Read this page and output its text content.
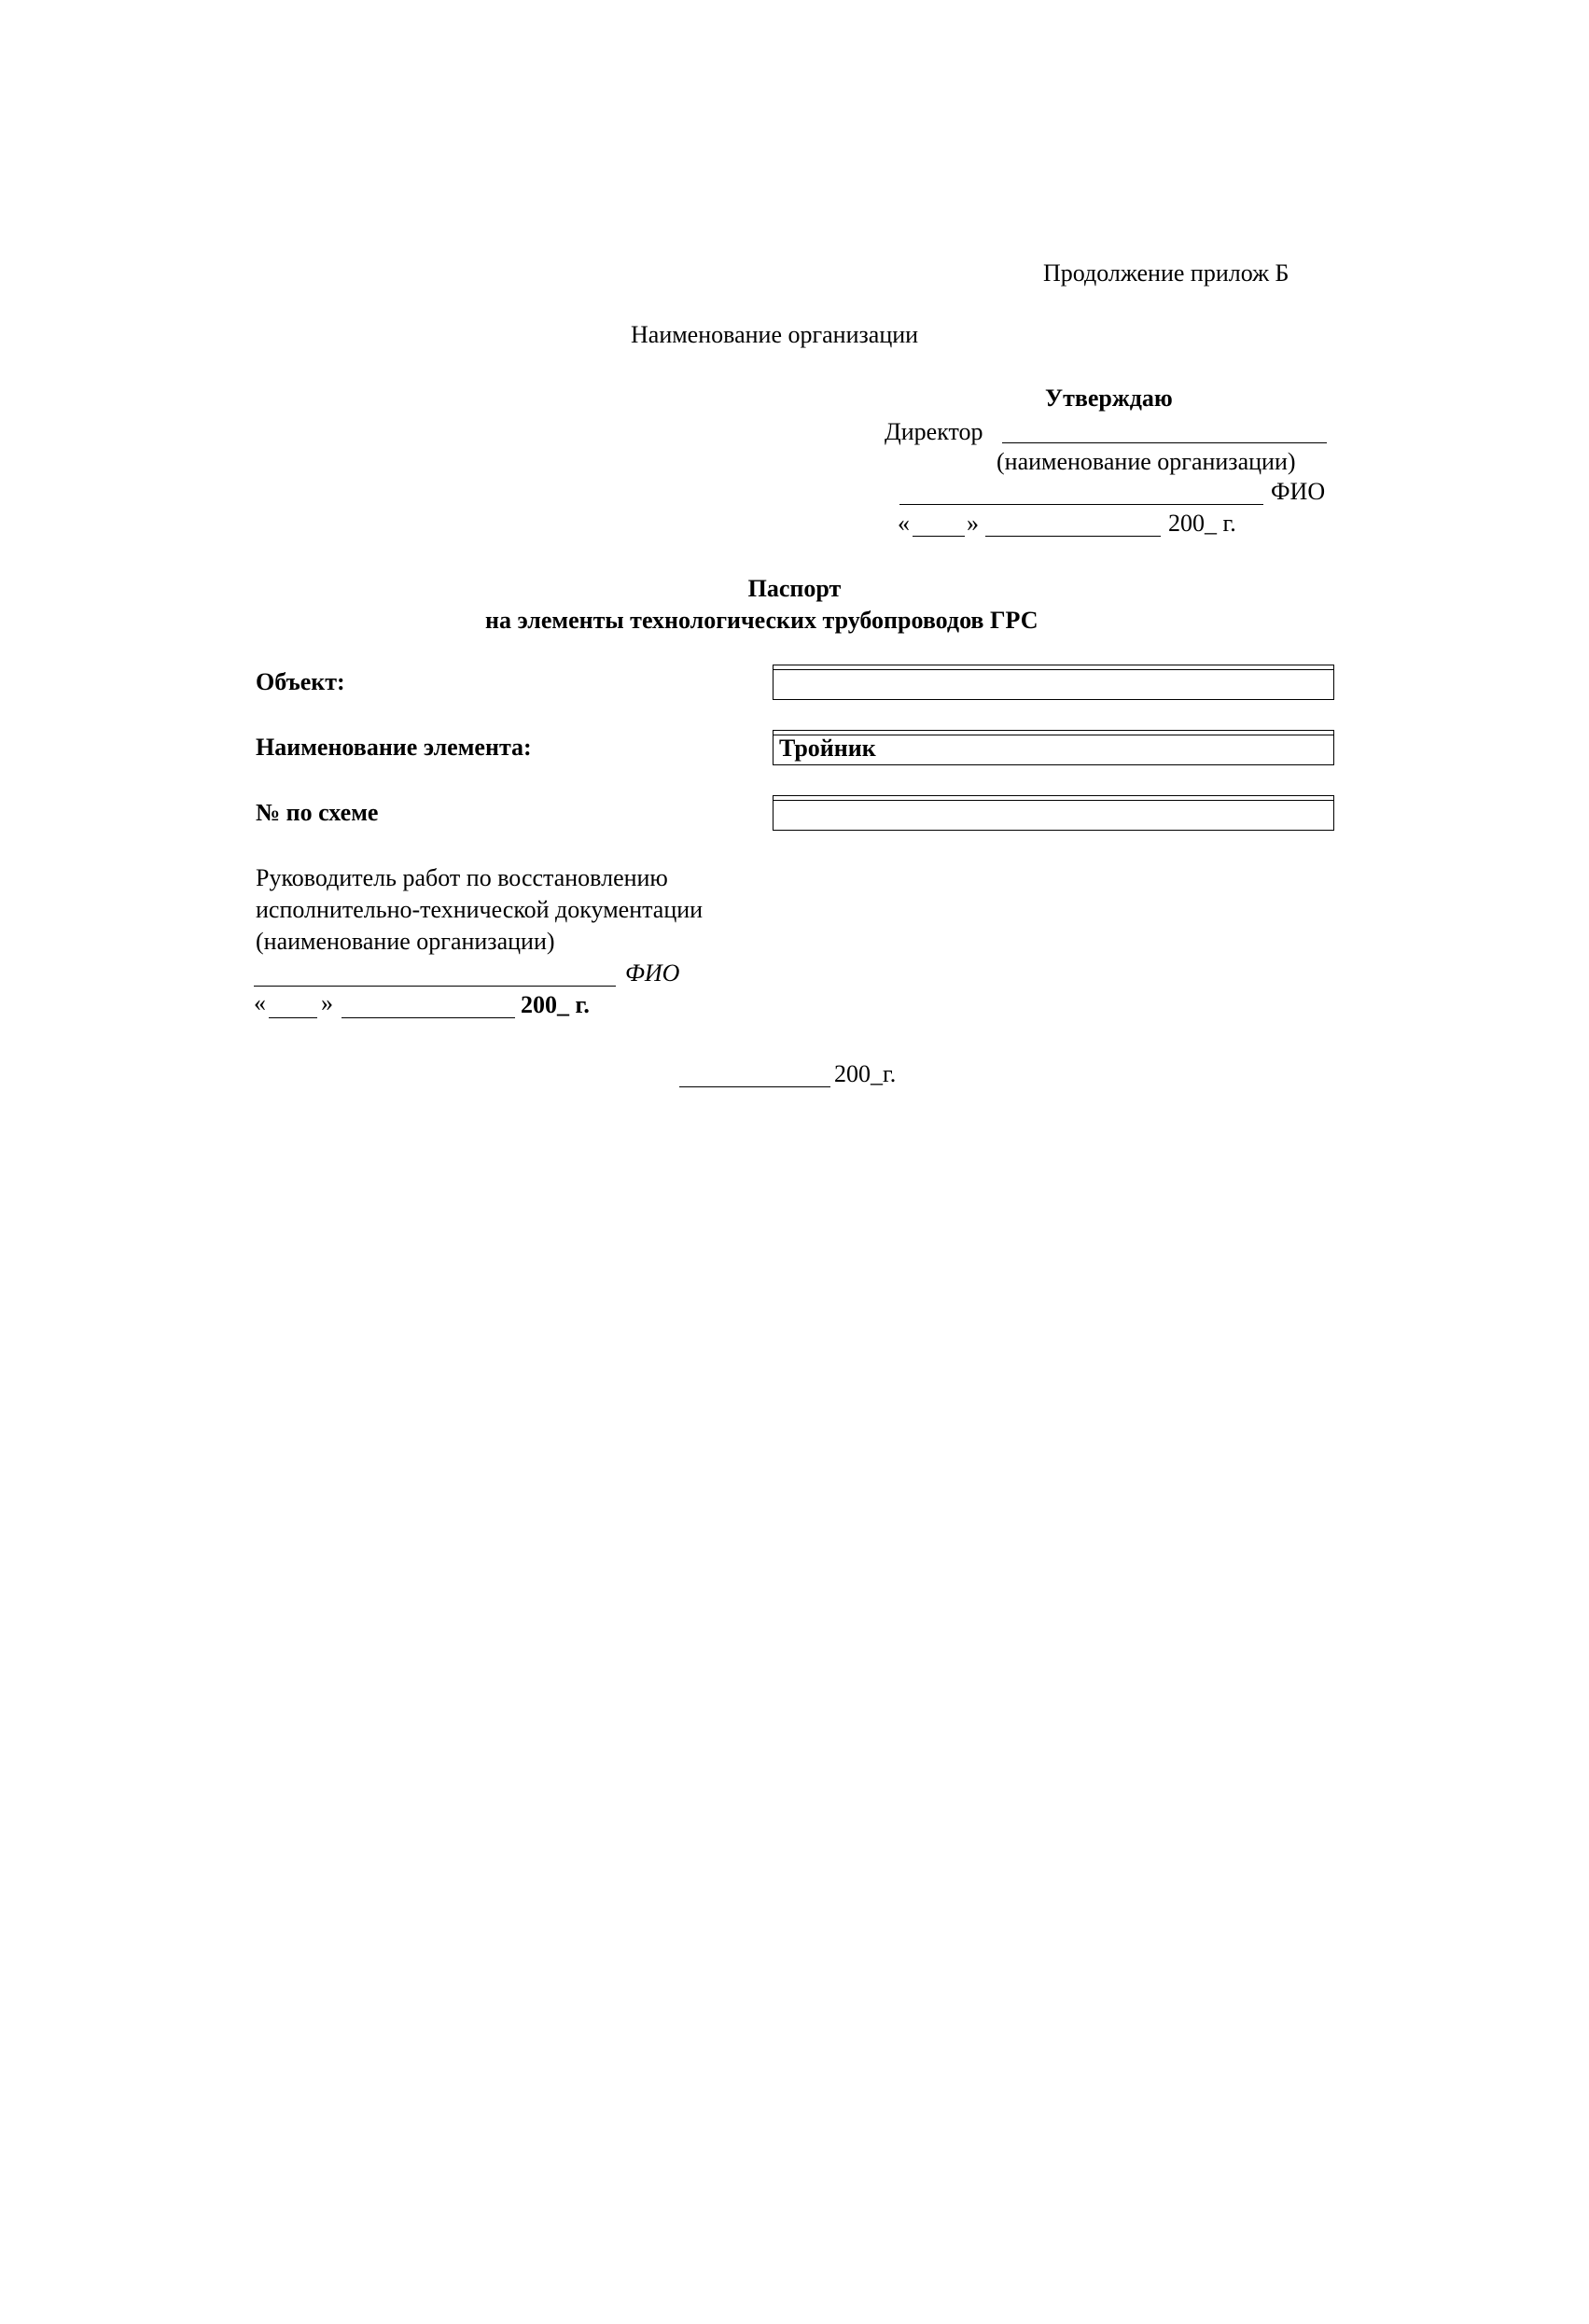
Продолжение прилож Б
Наименование организации
Утверждаю
Директор
(наименование организации)
ФИО
« »	200_ г.
Паспорт
на элементы технологических трубопроводов ГРС
Объект:
Наименование элемента:	Тройник
№ по схеме
Руководитель работ по восстановлению
исполнительно-технической документации
(наименование организации)
ФИО
« »	200_ г.
200_г.
